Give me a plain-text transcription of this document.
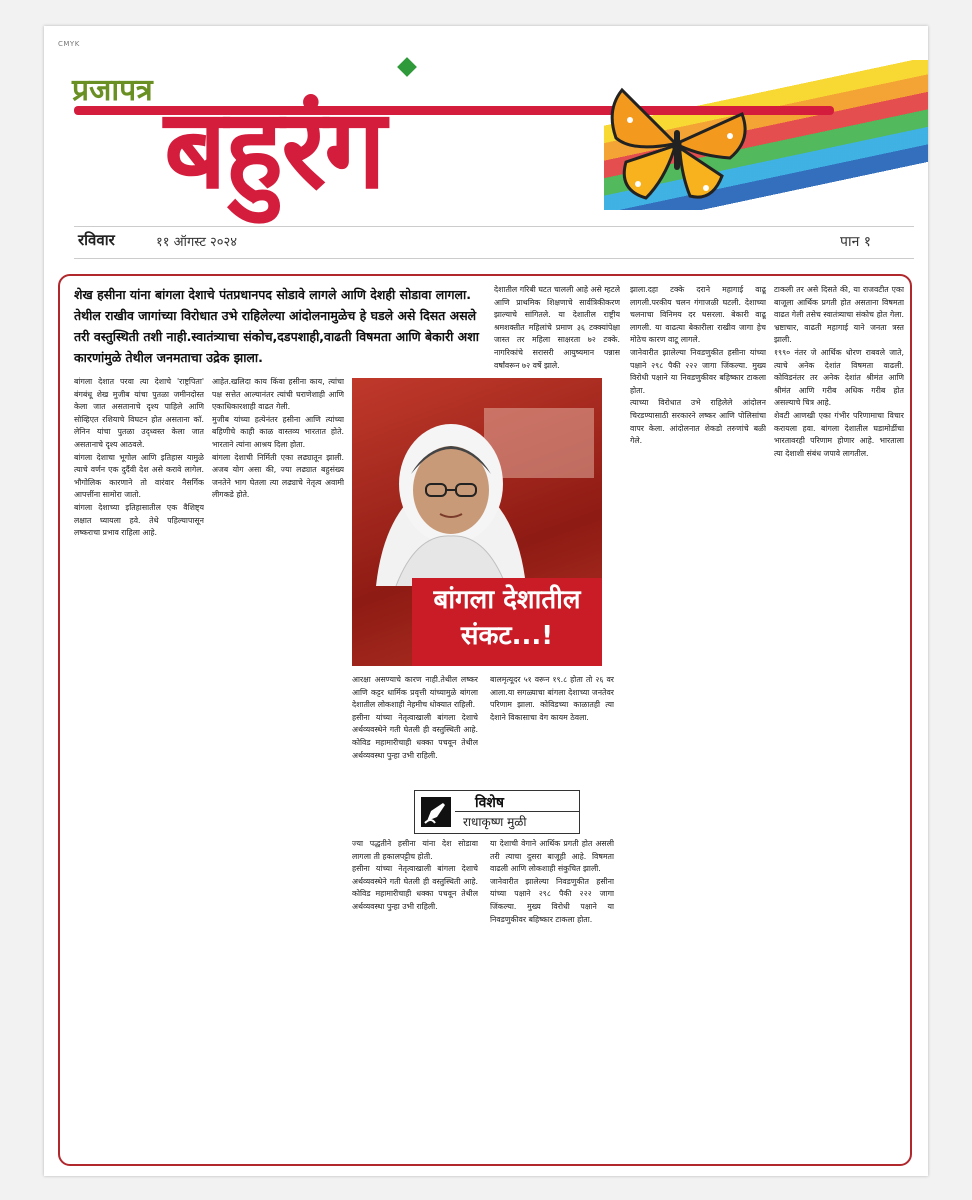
CMYK
प्रजापत्र बहुरंग
रविवार	११ ऑगस्ट २०२४	पान १
शेख हसीना यांना बांगला देशाचे पंतप्रधानपद सोडावे लागले आणि देशही सोडावा लागला. तेथील राखीव जागांच्या विरोधात उभे राहिलेल्या आंदोलनामुळेच हे घडले असे दिसत असले तरी वस्तुस्थिती तशी नाही.स्वातंत्र्याचा संकोच,दडपशाही,वाढती विषमता आणि बेकारी अशा कारणांमुळे तेथील जनमताचा उद्रेक झाला.

बांगला देशात परवा त्या देशाचे 'राष्ट्रपिता' बंगबंधू शेख मुजीब यांचा पुतळा जमीनदोस्त केला जात असतानाचे दृश्य पाहिले आणि सोव्हिएत रशियाचे विघटन होत असताना कॉ. लेनिन यांचा पुतळा उद्ध्वस्त केला जात असतानाचे दृश्य आठवले.

बांगला देशाचा भूगोल आणि इतिहास यामुळे त्याचे वर्णन एक दुर्दैवी देश असे करावे लागेल. भौगोलिक कारणाने तो वारंवार नैसर्गिक आपत्तींना सामोरा जातो.

बांगला देशाच्या इतिहासातील एक वैशिष्ट्य लक्षात घ्यायला हवे. तेथे पहिल्यापासून लष्कराचा प्रभाव राहिला आहे.

आहेत.खलिदा काय किंवा हसीना काय, त्यांचा पक्ष सत्तेत आल्यानंतर त्यांची घराणेशाही आणि एकाधिकारशाही वाढत गेली.

मुजीब यांच्या हत्येनंतर हसीना आणि त्यांच्या बहिणीचे काही काळ वास्तव्य भारतात होते. भारताने त्यांना आश्रय दिला होता.

बांगला देशाची निर्मिती एका लढ्यातून झाली. अजब योग असा की, ज्या लढ्यात बहुसंख्य जनतेने भाग घेतला त्या लढ्याचे नेतृत्व अवामी लीगकडे होते.

देशातील गरिबी घटत चालली आहे असे म्हटले आणि प्राथमिक शिक्षणाचे सार्वत्रिकीकरण झाल्याचे सांगितले. या देशातील राष्ट्रीय श्रमशक्तीत महिलांचे प्रमाण ३६ टक्क्यांपेक्षा जास्त तर महिला साक्षरता ७२ टक्के. नागरिकांचे सरासरी आयुष्यमान पन्नास वर्षांवरून ७२ वर्षे झाले.

बांगला देशातील
संकट...!

आरक्षा असण्याचे कारण नाही.तेथील लष्कर आणि कट्टर धार्मिक प्रवृत्ती यांच्यामुळे बांगला देशातील लोकशाही नेहमीच धोक्यात राहिली.

हसीना यांच्या नेतृत्वाखाली बांगला देशाचे अर्थव्यवस्थेने गती घेतली ही वस्तुस्थिती आहे. कोविड महामारीचाही धक्का पचवून तेथील अर्थव्यवस्था पुन्हा उभी राहिली.

ज्या पद्धतीने हसीना यांना देश सोडावा लागला ती हकालपट्टीच होती.

हसीना यांच्या नेतृत्वाखाली बांगला देशाचे अर्थव्यवस्थेने गती घेतली ही वस्तुस्थिती आहे. कोविड महामारीचाही धक्का पचवून तेथील अर्थव्यवस्था पुन्हा उभी राहिली.

विशेष
राधाकृष्ण मुळी

बालमृत्यूदर ५१ वरून १९.८ होता तो २६ वर आला.या सगळ्याचा बांगला देशाच्या जनतेवर परिणाम झाला. कोविडच्या काळातही त्या देशाने विकासाचा वेग कायम ठेवला.

या देशाची वेगाने आर्थिक प्रगती होत असली तरी त्याचा दुसरा बाजूही आहे. विषमता वाढली आणि लोकशाही संकुचित झाली.

जानेवारीत झालेल्या निवडणुकीत हसीना यांच्या पक्षाने २९८ पैकी २२२ जागा जिंकल्या. मुख्य विरोधी पक्षाने या निवडणुकीवर बहिष्कार टाकला होता.

झाला.दहा टक्के दराने महागाई वाढू लागली.परकीय चलन गंगाजळी घटली. देशाच्या चलनाचा विनिमय दर घसरला. बेकारी वाढू लागली. या वाढत्या बेकारीला राखीव जागा हेच मोठेच कारण वाटू लागले.

जानेवारीत झालेल्या निवडणुकीत हसीना यांच्या पक्षाने २९८ पैकी २२२ जागा जिंकल्या. मुख्य विरोधी पक्षाने या निवडणुकीवर बहिष्कार टाकला होता.

त्याच्या विरोधात उभे राहिलेले आंदोलन चिरडण्यासाठी सरकारने लष्कर आणि पोलिसांचा वापर केला. आंदोलनात शेकडो तरुणांचे बळी गेले.

टाकली तर असे दिसते की, या राजवटीत एका बाजूला आर्थिक प्रगती होत असताना विषमता वाढत गेली तसेच स्वातंत्र्याचा संकोच होत गेला. भ्रष्टाचार, वाढती महागाई याने जनता त्रस्त झाली.

१९९० नंतर जे आर्थिक धोरण राबवले जाते, त्याचे अनेक देशांत विषमता वाढली. कोविडनंतर तर अनेक देशांत श्रीमंत आणि श्रीमंत आणि गरीब अधिक गरीब होत असल्याचे चित्र आहे.

शेवटी आणखी एका गंभीर परिणामाचा विचार करायला हवा. बांगला देशातील घडामोडींचा भारतावरही परिणाम होणार आहे. भारताला त्या देशाशी संबंध जपावे लागतील.
